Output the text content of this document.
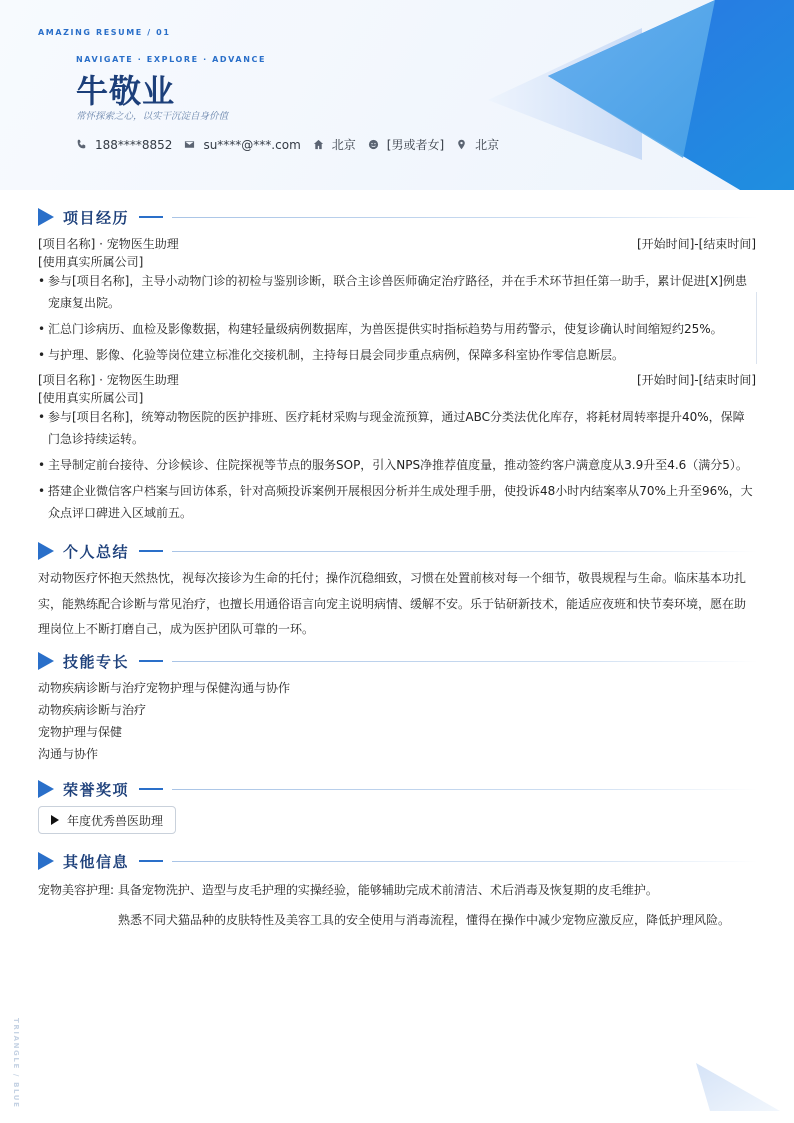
AMAZING RESUME / 01
NAVIGATE · EXPLORE · ADVANCE
牛敬业
常怀探索之心，以实干沉淀自身价值
188****8852	su****@***.com	北京	[男或者女]	北京
项目经历
[项目名称] · 宠物医生助理	[开始时间]-[结束时间]
[使用真实所属公司]
• 参与[项目名称]，主导小动物门诊的初检与鉴别诊断，联合主诊兽医师确定治疗路径，并在手术环节担任第一助手，累计促进[X]例患宠康复出院。
• 汇总门诊病历、血检及影像数据，构建轻量级病例数据库，为兽医提供实时指标趋势与用药警示，使复诊确认时间缩短约25%。
• 与护理、影像、化验等岗位建立标准化交接机制，主持每日晨会同步重点病例，保障多科室协作零信息断层。
[项目名称] · 宠物医生助理	[开始时间]-[结束时间]
[使用真实所属公司]
• 参与[项目名称]，统筹动物医院的医护排班、医疗耗材采购与现金流预算，通过ABC分类法优化库存，将耗材周转率提升40%，保障门急诊持续运转。
• 主导制定前台接待、分诊候诊、住院探视等节点的服务SOP，引入NPS净推荐值度量，推动签约客户满意度从3.9升至4.6（满分5）。
• 搭建企业微信客户档案与回访体系，针对高频投诉案例开展根因分析并生成处理手册，使投诉48小时内结案率从70%上升至96%，大众点评口碑进入区域前五。
个人总结
对动物医疗怀抱天然热忱，视每次接诊为生命的托付；操作沉稳细致，习惯在处置前核对每一个细节，敬畏规程与生命。临床基本功扎
实，能熟练配合诊断与常见治疗，也擅长用通俗语言向宠主说明病情、缓解不安。乐于钻研新技术，能适应夜班和快节奏环境，愿在助
理岗位上不断打磨自己，成为医护团队可靠的一环。
技能专长
动物疾病诊断与治疗宠物护理与保健沟通与协作
动物疾病诊断与治疗
宠物护理与保健
沟通与协作
荣誉奖项
年度优秀兽医助理
其他信息
宠物美容护理: 具备宠物洗护、造型与皮毛护理的实操经验，能够辅助完成术前清洁、术后消毒及恢复期的皮毛维护。
熟悉不同犬猫品种的皮肤特性及美容工具的安全使用与消毒流程，懂得在操作中减少宠物应激反应，降低护理风险。
TRIANGLE / BLUE
